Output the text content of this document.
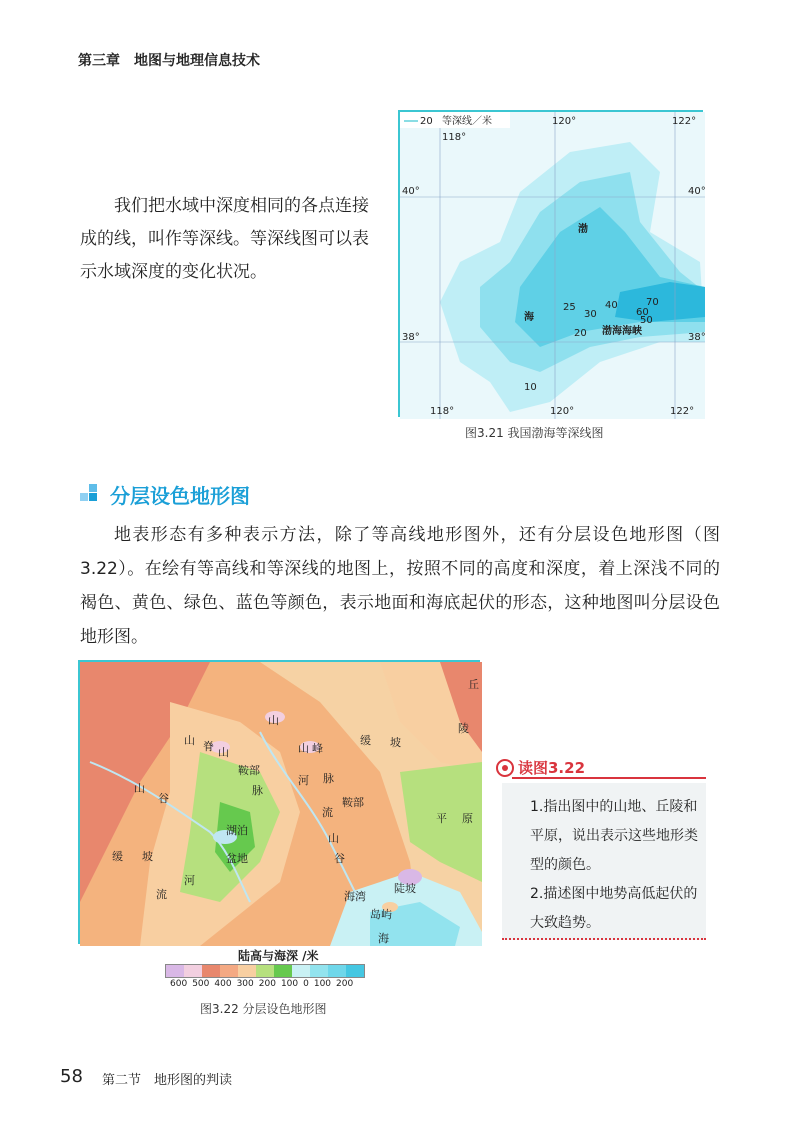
第三章　地图与地理信息技术
我们把水域中深度相同的各点连接成的线，叫作等深线。等深线图可以表示水域深度的变化状况。
20 等深线／米
118°
120°	122°
40°
38°
118°	120°	122°
40°
38°
渤
海
渤海海峡
25
30
40
20
70
60
50
10
图3.21 我国渤海等深线图
分层设色地形图
地表形态有多种表示方法，除了等高线地形图外，还有分层设色地形图（图3.22）。在绘有等高线和等深线的地图上，按照不同的高度和深度，着上深浅不同的褐色、黄色、绿色、蓝色等颜色，表示地面和海底起伏的形态，这种地图叫分层设色地形图。
山 脊 山	峰
山
鞍部
脉
山
谷
河 脉
缓 坡
鞍部
流
湖泊
盆地
山
谷
缓 坡
河
流
平 原
丘
陵
海湾
岛屿
海
陡坡
山
陆高与海深 /米
600 500 400 300 200 100 0 100 200
图3.22 分层设色地形图
读图3.22
1.指出图中的山地、丘陵和平原，说出表示这些地形类型的颜色。
2.描述图中地势高低起伏的大致趋势。
58 第二节　地形图的判读
